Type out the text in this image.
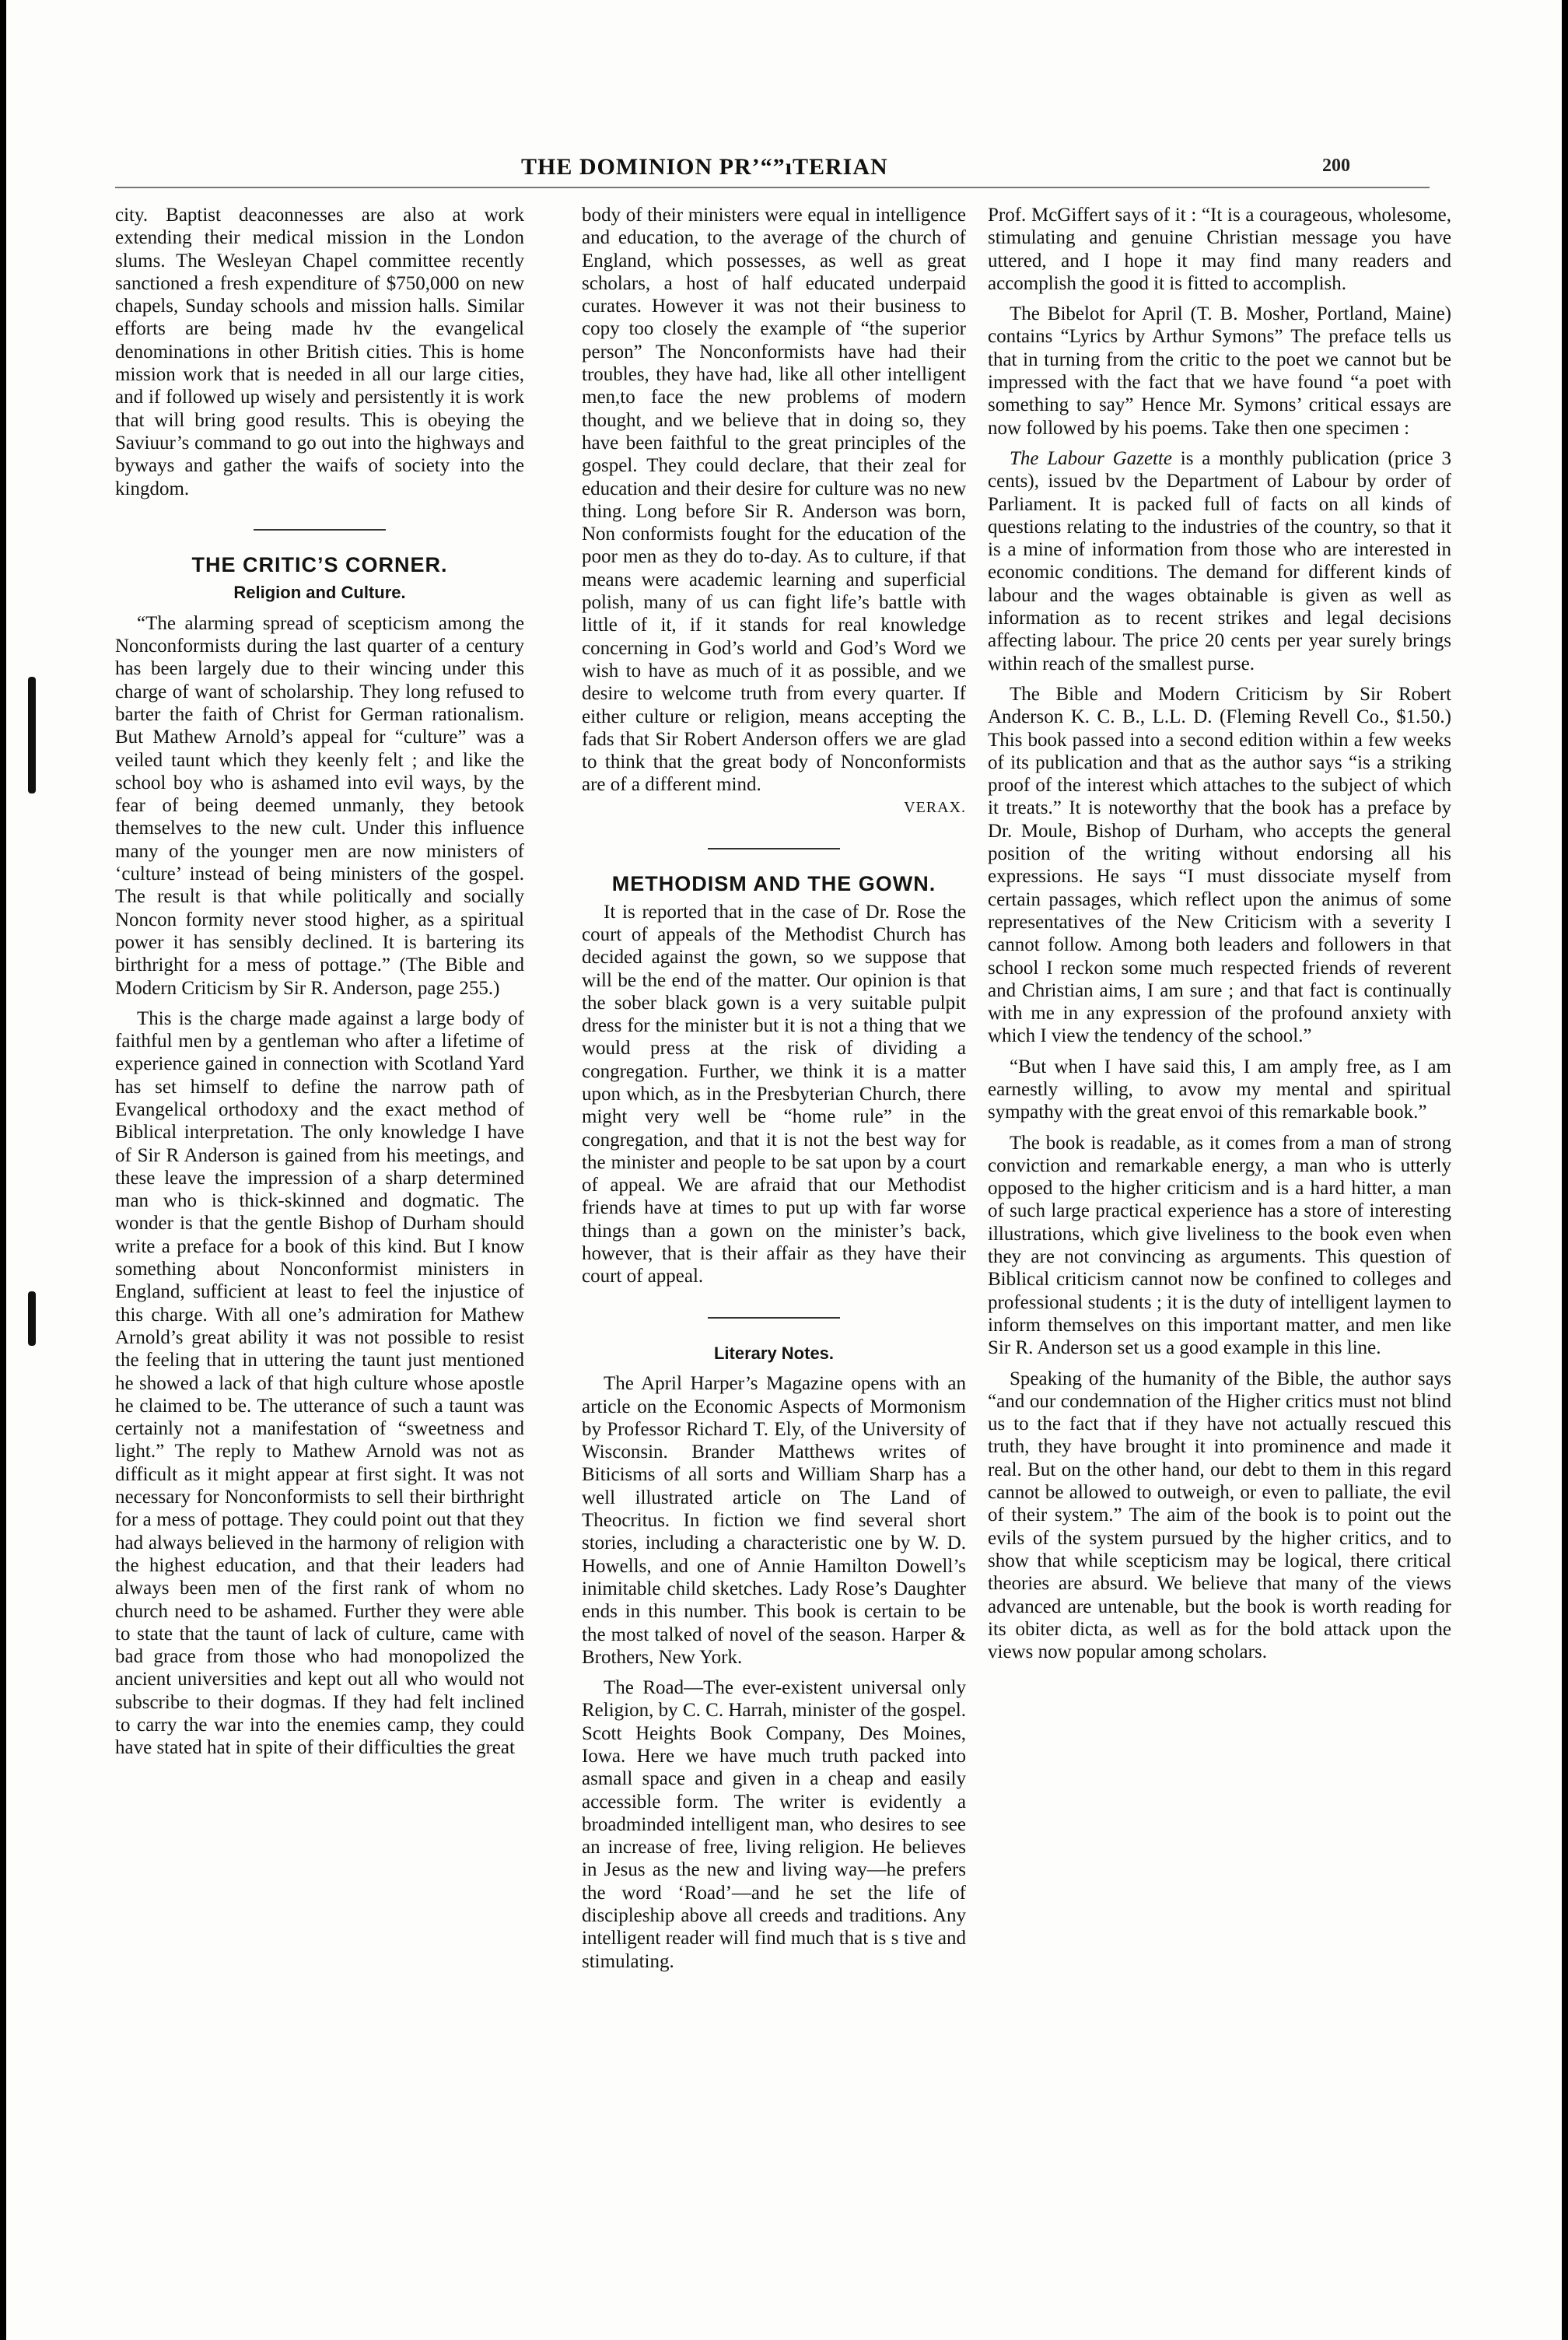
THE DOMINION PR’“”ıTERIAN	200

city. Baptist deaconnesses are also at work extending their medical mission in the London slums. The Wesleyan Chapel committee recently sanctioned a fresh expenditure of $750,000 on new chapels, Sunday schools and mission halls. Similar efforts are being made hv the evangelical denominations in other British cities. This is home mission work that is needed in all our large cities, and if followed up wisely and persistently it is work that will bring good results. This is obeying the Saviuur’s command to go out into the highways and byways and gather the waifs of society into the kingdom.

THE CRITIC’S CORNER.
Religion and Culture.

“The alarming spread of scepticism among the Nonconformists during the last quarter of a century has been largely due to their wincing under this charge of want of scholarship. They long refused to barter the faith of Christ for German rationalism. But Mathew Arnold’s appeal for “culture” was a veiled taunt which they keenly felt ; and like the school boy who is ashamed into evil ways, by the fear of being deemed unmanly, they betook themselves to the new cult. Under this influence many of the younger men are now ministers of ‘culture’ instead of being ministers of the gospel. The result is that while politically and socially Noncon formity never stood higher, as a spiritual power it has sensibly declined. It is bartering its birthright for a mess of pottage.” (The Bible and Modern Criticism by Sir R. Anderson, page 255.)

This is the charge made against a large body of faithful men by a gentleman who after a lifetime of experience gained in connection with Scotland Yard has set himself to define the narrow path of Evangelical orthodoxy and the exact method of Biblical interpretation. The only knowledge I have of Sir R Anderson is gained from his meetings, and these leave the impression of a sharp determined man who is thick-skinned and dogmatic. The wonder is that the gentle Bishop of Durham should write a preface for a book of this kind. But I know something about Nonconformist ministers in England, sufficient at least to feel the injustice of this charge. With all one’s admiration for Mathew Arnold’s great ability it was not possible to resist the feeling that in uttering the taunt just mentioned he showed a lack of that high culture whose apostle he claimed to be. The utterance of such a taunt was certainly not a manifestation of “sweetness and light.” The reply to Mathew Arnold was not as difficult as it might appear at first sight. It was not necessary for Nonconformists to sell their birthright for a mess of pottage. They could point out that they had always believed in the harmony of religion with the highest education, and that their leaders had always been men of the first rank of whom no church need to be ashamed. Further they were able to state that the taunt of lack of culture, came with bad grace from those who had monopolized the ancient universities and kept out all who would not subscribe to their dogmas. If they had felt inclined to carry the war into the enemies camp, they could have stated hat in spite of their difficulties the great

body of their ministers were equal in intelligence and education, to the average of the church of England, which possesses, as well as great scholars, a host of half educated underpaid curates. However it was not their business to copy too closely the example of “the superior person” The Nonconformists have had their troubles, they have had, like all other intelligent men,to face the new problems of modern thought, and we believe that in doing so, they have been faithful to the great principles of the gospel. They could declare, that their zeal for education and their desire for culture was no new thing. Long before Sir R. Anderson was born, Non conformists fought for the education of the poor men as they do to-day. As to culture, if that means were academic learning and superficial polish, many of us can fight life’s battle with little of it, if it stands for real knowledge concerning in God’s world and God’s Word we wish to have as much of it as possible, and we desire to welcome truth from every quarter. If either culture or religion, means accepting the fads that Sir Robert Anderson offers we are glad to think that the great body of Nonconformists are of a different mind.

VERAX.
METHODISM AND THE GOWN.

It is reported that in the case of Dr. Rose the court of appeals of the Methodist Church has decided against the gown, so we suppose that will be the end of the matter. Our opinion is that the sober black gown is a very suitable pulpit dress for the minister but it is not a thing that we would press at the risk of dividing a congregation. Further, we think it is a matter upon which, as in the Presbyterian Church, there might very well be “home rule” in the congregation, and that it is not the best way for the minister and people to be sat upon by a court of appeal. We are afraid that our Methodist friends have at times to put up with far worse things than a gown on the minister’s back, however, that is their affair as they have their court of appeal.

Literary Notes.

The April Harper’s Magazine opens with an article on the Economic Aspects of Mormonism by Professor Richard T. Ely, of the University of Wisconsin. Brander Matthews writes of Biticisms of all sorts and William Sharp has a well illustrated article on The Land of Theocritus. In fiction we find several short stories, including a characteristic one by W. D. Howells, and one of Annie Hamilton Dowell’s inimitable child sketches. Lady Rose’s Daughter ends in this number. This book is certain to be the most talked of novel of the season. Harper & Brothers, New York.

The Road—The ever-existent universal only Religion, by C. C. Harrah, minister of the gospel. Scott Heights Book Company, Des Moines, Iowa. Here we have much truth packed into asmall space and given in a cheap and easily accessible form. The writer is evidently a broadminded intelligent man, who desires to see an increase of free, living religion. He believes in Jesus as the new and living way—he prefers the word ‘Road’—and he set the life of discipleship above all creeds and traditions. Any intelligent reader will find much that is s tive and stimulating.

Prof. McGiffert says of it : “It is a courageous, wholesome, stimulating and genuine Christian message you have uttered, and I hope it may find many readers and accomplish the good it is fitted to accomplish.

The Bibelot for April (T. B. Mosher, Portland, Maine) contains “Lyrics by Arthur Symons” The preface tells us that in turning from the critic to the poet we cannot but be impressed with the fact that we have found “a poet with something to say” Hence Mr. Symons’ critical essays are now followed by his poems. Take then one specimen :

The Labour Gazette is a monthly publication (price 3 cents), issued bv the Department of Labour by order of Parliament. It is packed full of facts on all kinds of questions relating to the industries of the country, so that it is a mine of information from those who are interested in economic conditions. The demand for different kinds of labour and the wages obtainable is given as well as information as to recent strikes and legal decisions affecting labour. The price 20 cents per year surely brings within reach of the smallest purse.

The Bible and Modern Criticism by Sir Robert Anderson K. C. B., L.L. D. (Fleming Revell Co., $1.50.) This book passed into a second edition within a few weeks of its publication and that as the author says “is a striking proof of the interest which attaches to the subject of which it treats.” It is noteworthy that the book has a preface by Dr. Moule, Bishop of Durham, who accepts the general position of the writing without endorsing all his expressions. He says “I must dissociate myself from certain passages, which reflect upon the animus of some representatives of the New Criticism with a severity I cannot follow. Among both leaders and followers in that school I reckon some much respected friends of reverent and Christian aims, I am sure ; and that fact is continually with me in any expression of the profound anxiety with which I view the tendency of the school.”

“But when I have said this, I am amply free, as I am earnestly willing, to avow my mental and spiritual sympathy with the great envoi of this remarkable book.”

The book is readable, as it comes from a man of strong conviction and remarkable energy, a man who is utterly opposed to the higher criticism and is a hard hitter, a man of such large practical experience has a store of interesting illustrations, which give liveliness to the book even when they are not convincing as arguments. This question of Biblical criticism cannot now be confined to colleges and professional students ; it is the duty of intelligent laymen to inform themselves on this important matter, and men like Sir R. Anderson set us a good example in this line.

Speaking of the humanity of the Bible, the author says “and our condemnation of the Higher critics must not blind us to the fact that if they have not actually rescued this truth, they have brought it into prominence and made it real. But on the other hand, our debt to them in this regard cannot be allowed to outweigh, or even to palliate, the evil of their system.” The aim of the book is to point out the evils of the system pursued by the higher critics, and to show that while scepticism may be logical, there critical theories are absurd. We believe that many of the views advanced are untenable, but the book is worth reading for its obiter dicta, as well as for the bold attack upon the views now popular among scholars.
